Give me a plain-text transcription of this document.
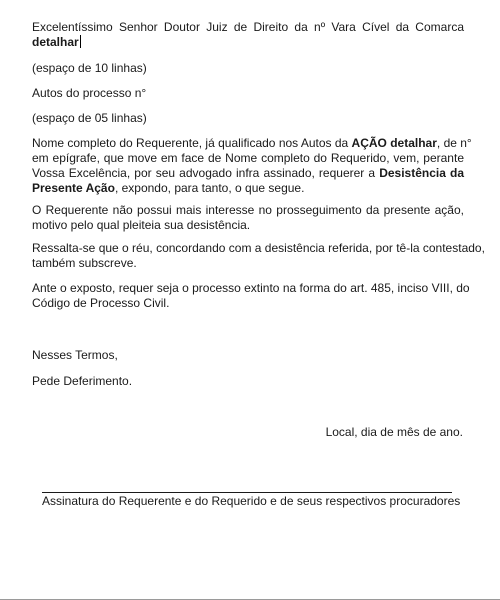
Excelentíssimo Senhor Doutor Juiz de Direito da nº Vara Cível da Comarca
detalhar
(espaço de 10 linhas)
Autos do processo n°
(espaço de 05 linhas)
Nome completo do Requerente, já qualificado nos Autos da AÇÃO detalhar, de n°
em epígrafe, que move em face de Nome completo do Requerido, vem, perante
Vossa Excelência, por seu advogado infra assinado, requerer a Desistência da
Presente Ação, expondo, para tanto, o que segue.
O Requerente não possui mais interesse no prosseguimento da presente ação,
motivo pelo qual pleiteia sua desistência.
Ressalta-se que o réu, concordando com a desistência referida, por tê-la contestado,
também subscreve.
Ante o exposto, requer seja o processo extinto na forma do art. 485, inciso VIII, do
Código de Processo Civil.
Nesses Termos,
Pede Deferimento.
Local, dia de mês de ano.
Assinatura do Requerente e do Requerido e de seus respectivos procuradores
